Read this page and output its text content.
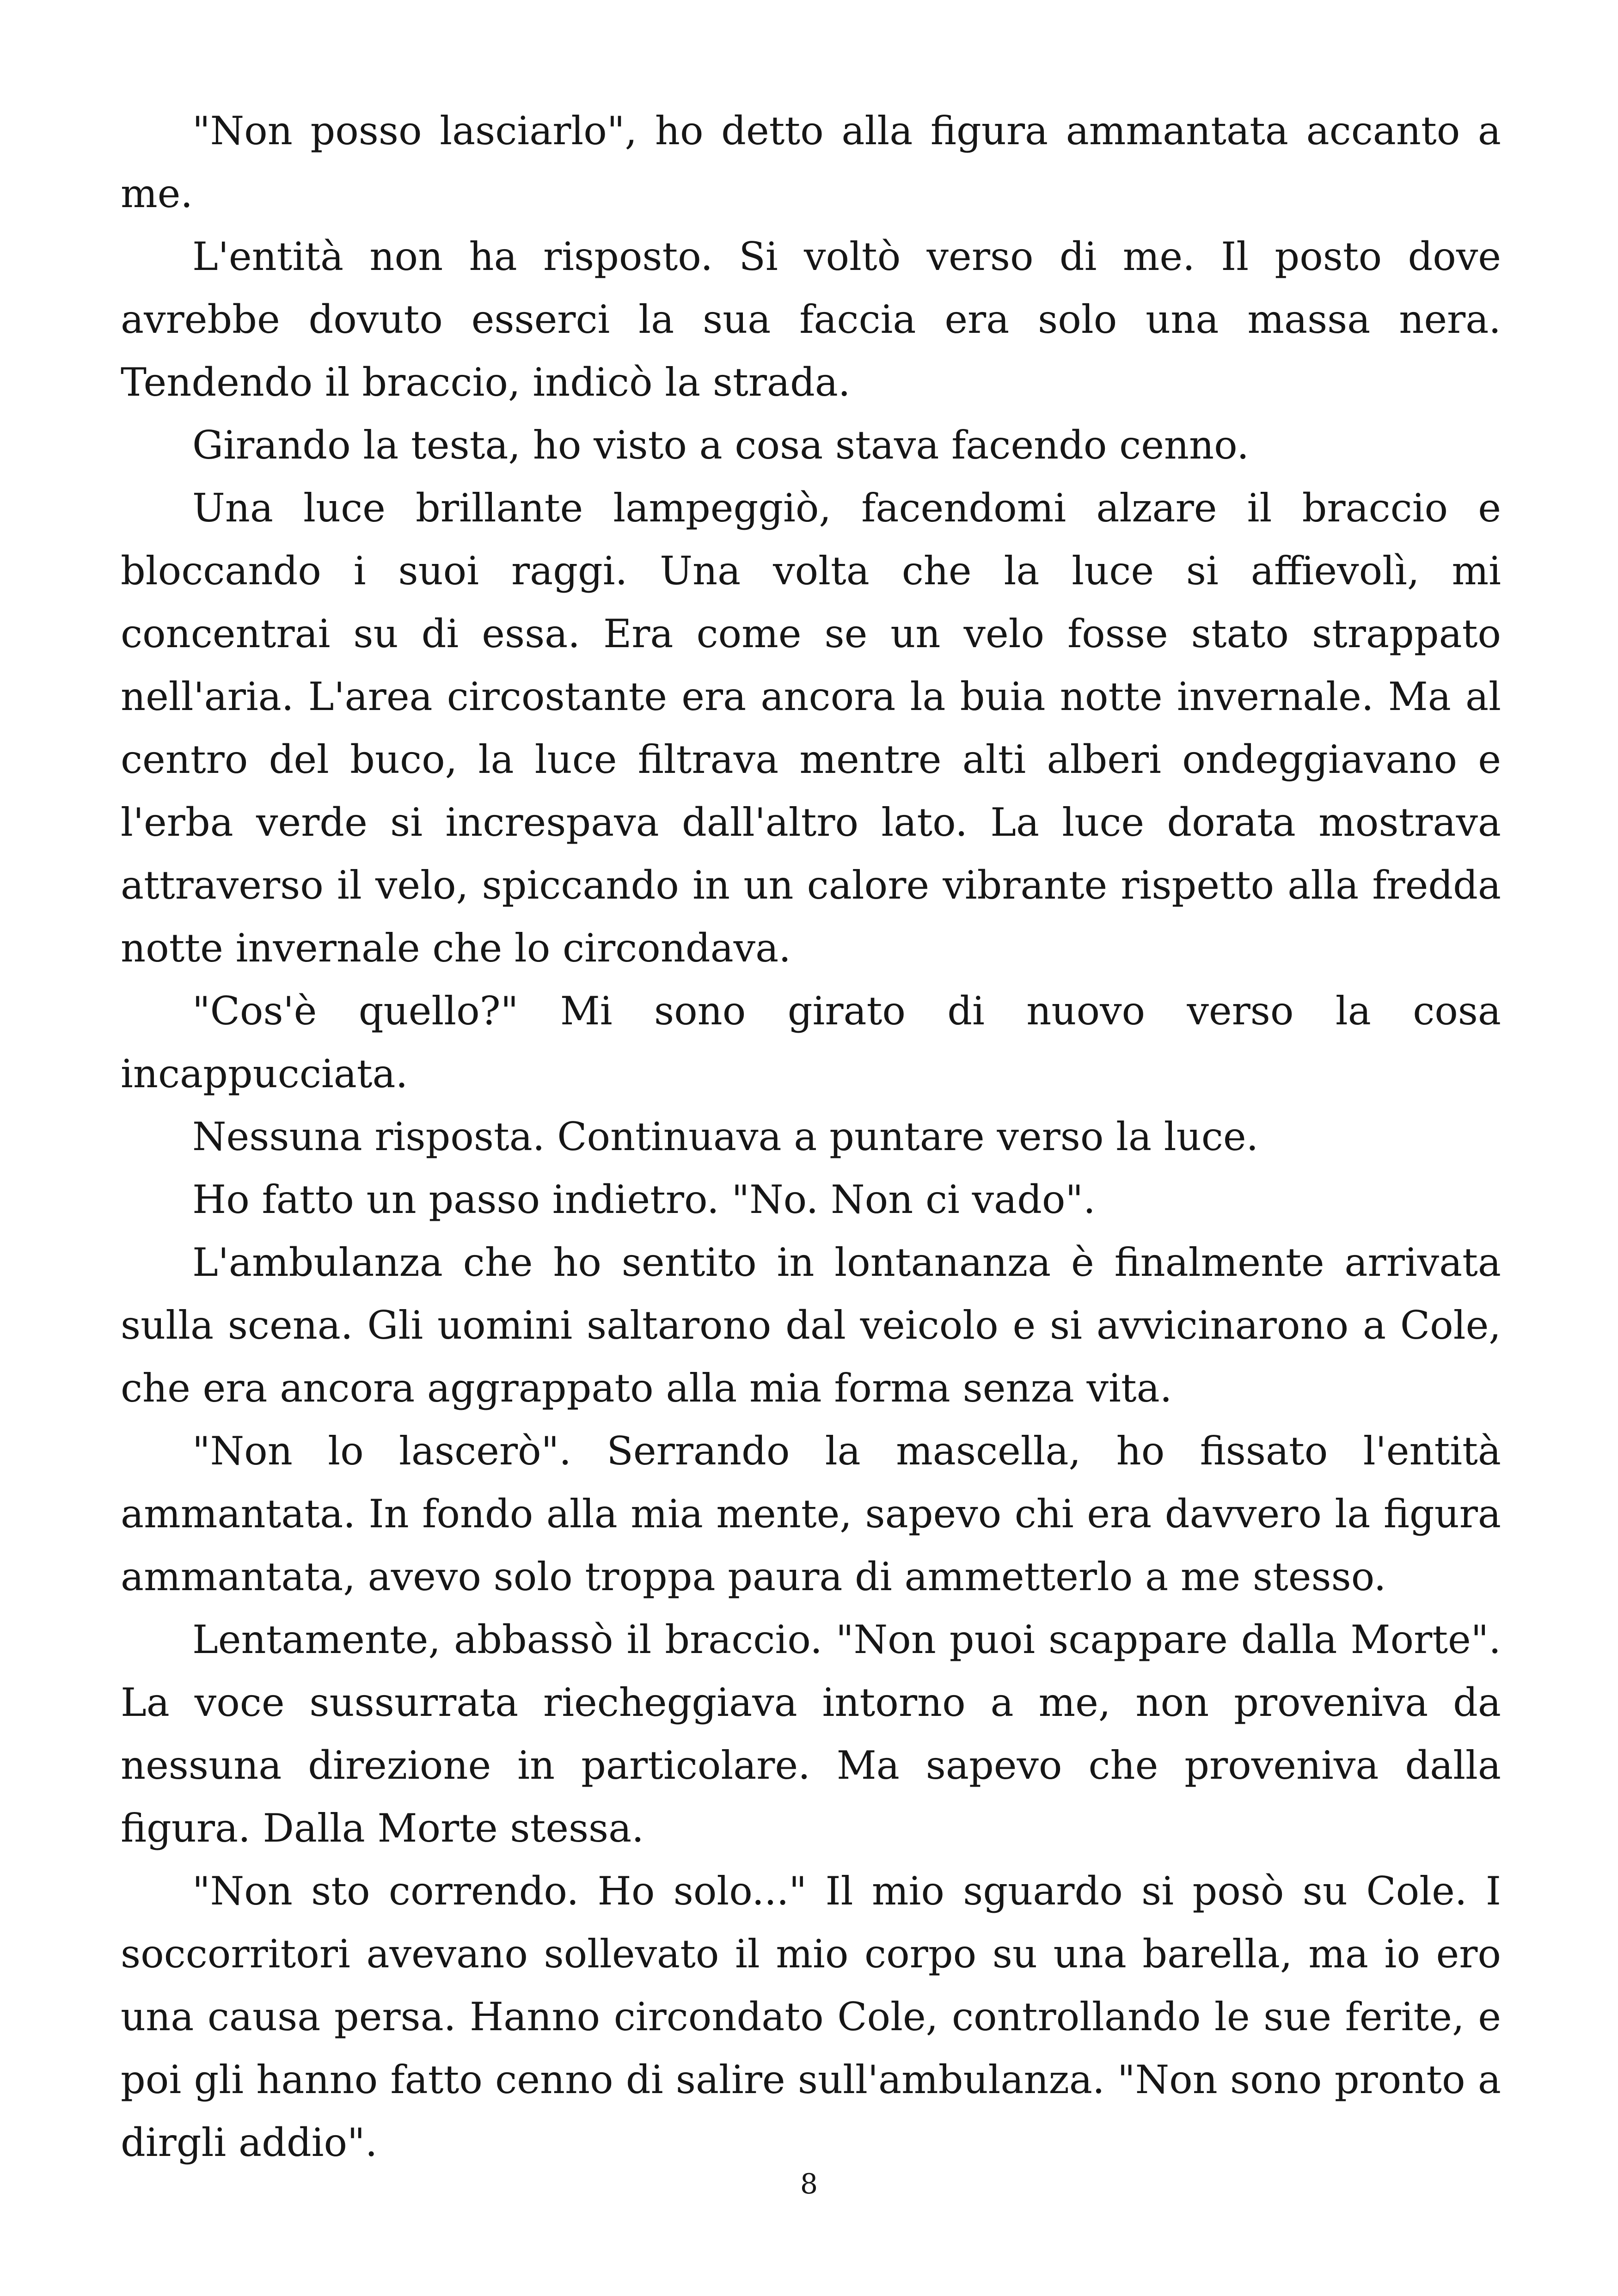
"Non posso lasciarlo", ho detto alla figura ammantata accanto a me.

L'entità non ha risposto. Si voltò verso di me. Il posto dove avrebbe dovuto esserci la sua faccia era solo una massa nera. Tendendo il braccio, indicò la strada.

Girando la testa, ho visto a cosa stava facendo cenno.

Una luce brillante lampeggiò, facendomi alzare il braccio e bloccando i suoi raggi. Una volta che la luce si affievolì, mi concentrai su di essa. Era come se un velo fosse stato strappato nell'aria. L'area circostante era ancora la buia notte invernale. Ma al centro del buco, la luce filtrava mentre alti alberi ondeggiavano e l'erba verde si increspava dall'altro lato. La luce dorata mostrava attraverso il velo, spiccando in un calore vibrante rispetto alla fredda notte invernale che lo circondava.

"Cos'è quello?" Mi sono girato di nuovo verso la cosa incappucciata.

Nessuna risposta. Continuava a puntare verso la luce.

Ho fatto un passo indietro. "No. Non ci vado".

L'ambulanza che ho sentito in lontananza è finalmente arrivata sulla scena. Gli uomini saltarono dal veicolo e si avvicinarono a Cole, che era ancora aggrappato alla mia forma senza vita.

"Non lo lascerò". Serrando la mascella, ho fissato l'entità ammantata. In fondo alla mia mente, sapevo chi era davvero la figura ammantata, avevo solo troppa paura di ammetterlo a me stesso.

Lentamente, abbassò il braccio. "Non puoi scappare dalla Morte". La voce sussurrata riecheggiava intorno a me, non proveniva da nessuna direzione in particolare. Ma sapevo che proveniva dalla figura. Dalla Morte stessa.

"Non sto correndo. Ho solo..." Il mio sguardo si posò su Cole. I soccorritori avevano sollevato il mio corpo su una barella, ma io ero una causa persa. Hanno circondato Cole, controllando le sue ferite, e poi gli hanno fatto cenno di salire sull'ambulanza. "Non sono pronto a dirgli addio".

8
